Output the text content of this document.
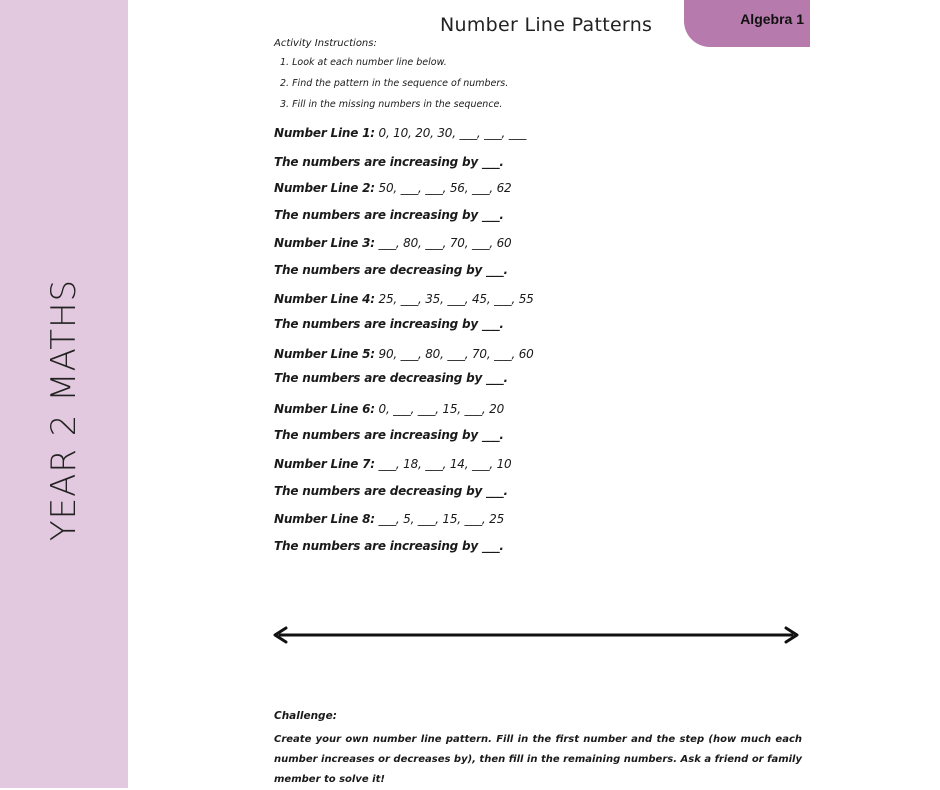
YEAR 2 MATHS
Algebra 1
Number Line Patterns
Activity Instructions:
1. Look at each number line below.
2. Find the pattern in the sequence of numbers.
3. Fill in the missing numbers in the sequence.
Number Line 1: 0, 10, 20, 30, ___, ___, ___
The numbers are increasing by ___.
Number Line 2: 50, ___, ___, 56, ___, 62
The numbers are increasing by ___.
Number Line 3: ___, 80, ___, 70, ___, 60
The numbers are decreasing by ___.
Number Line 4: 25, ___, 35, ___, 45, ___, 55
The numbers are increasing by ___.
Number Line 5: 90, ___, 80, ___, 70, ___, 60
The numbers are decreasing by ___.
Number Line 6: 0, ___, ___, 15, ___, 20
The numbers are increasing by ___.
Number Line 7: ___, 18, ___, 14, ___, 10
The numbers are decreasing by ___.
Number Line 8: ___, 5, ___, 15, ___, 25
The numbers are increasing by ___.
Challenge:
Create your own number line pattern. Fill in the first number and the step (how much each number increases or decreases by), then fill in the remaining numbers. Ask a friend or family member to solve it!
